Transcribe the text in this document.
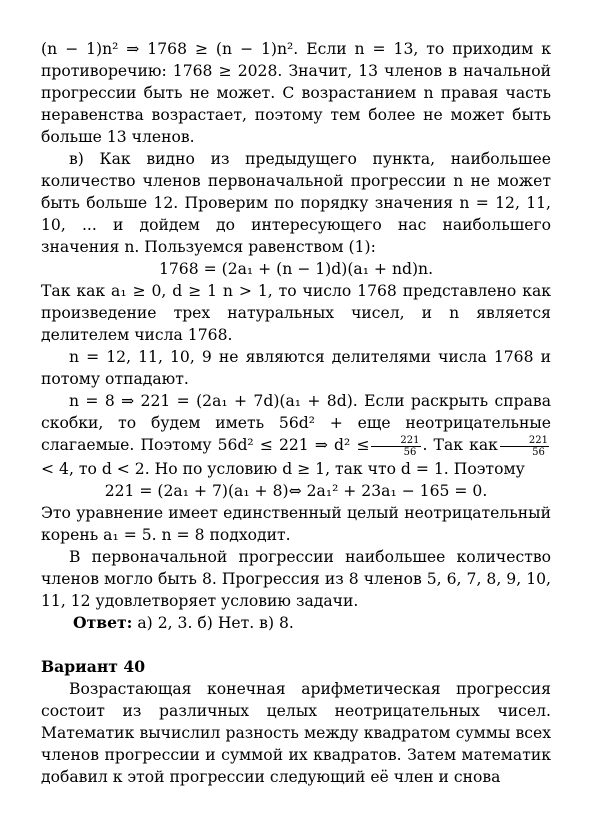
(n − 1)n² ⇒ 1768 ≥ (n − 1)n². Если n = 13, то приходим к противоречию: 1768 ≥ 2028. Значит, 13 членов в начальной прогрессии быть не может. С возрастанием n правая часть неравенства возрастает, поэтому тем более не может быть больше 13 членов.

в) Как видно из предыдущего пункта, наибольшее количество членов первоначальной прогрессии n не может быть больше 12. Проверим по порядку значения n = 12, 11, 10, ... и дойдем до интересующего нас наибольшего значения n. Пользуемся равенством (1):

1768 = (2a₁ + (n − 1)d)(a₁ + nd)n.

Так как a₁ ≥ 0, d ≥ 1 n > 1, то число 1768 представлено как произведение трех натуральных чисел, и n является делителем числа 1768.

n = 12, 11, 10, 9 не являются делителями числа 1768 и потому отпадают.

n = 8 ⇒ 221 = (2a₁ + 7d)(a₁ + 8d). Если раскрыть справа скобки, то будем иметь 56d² + еще неотрицательные слагаемые. Поэтому 56d² ≤ 221 ⇒ $d^2 \le \frac{221}{56}$ . Так как $\frac{221}{56}$
< 4, то d < 2. Но по условию d ≥ 1, так что d = 1. Поэтому

221 = (2a₁ + 7)(a₁ + 8)⇔ 2a₁² + 23a₁ − 165 = 0.

Это уравнение имеет единственный целый неотрицательный корень a₁ = 5. n = 8 подходит.

В первоначальной прогрессии наибольшее количество членов могло быть 8. Прогрессия из 8 членов 5, 6, 7, 8, 9, 10, 11, 12 удовлетворяет условию задачи.

Ответ: а) 2, 3. б) Нет. в) 8.

Вариант 40

Возрастающая конечная арифметическая прогрессия состоит из различных целых неотрицательных чисел. Математик вычислил разность между квадратом суммы всех членов прогрессии и суммой их квадратов. Затем математик добавил к этой прогрессии следующий её член и снова
